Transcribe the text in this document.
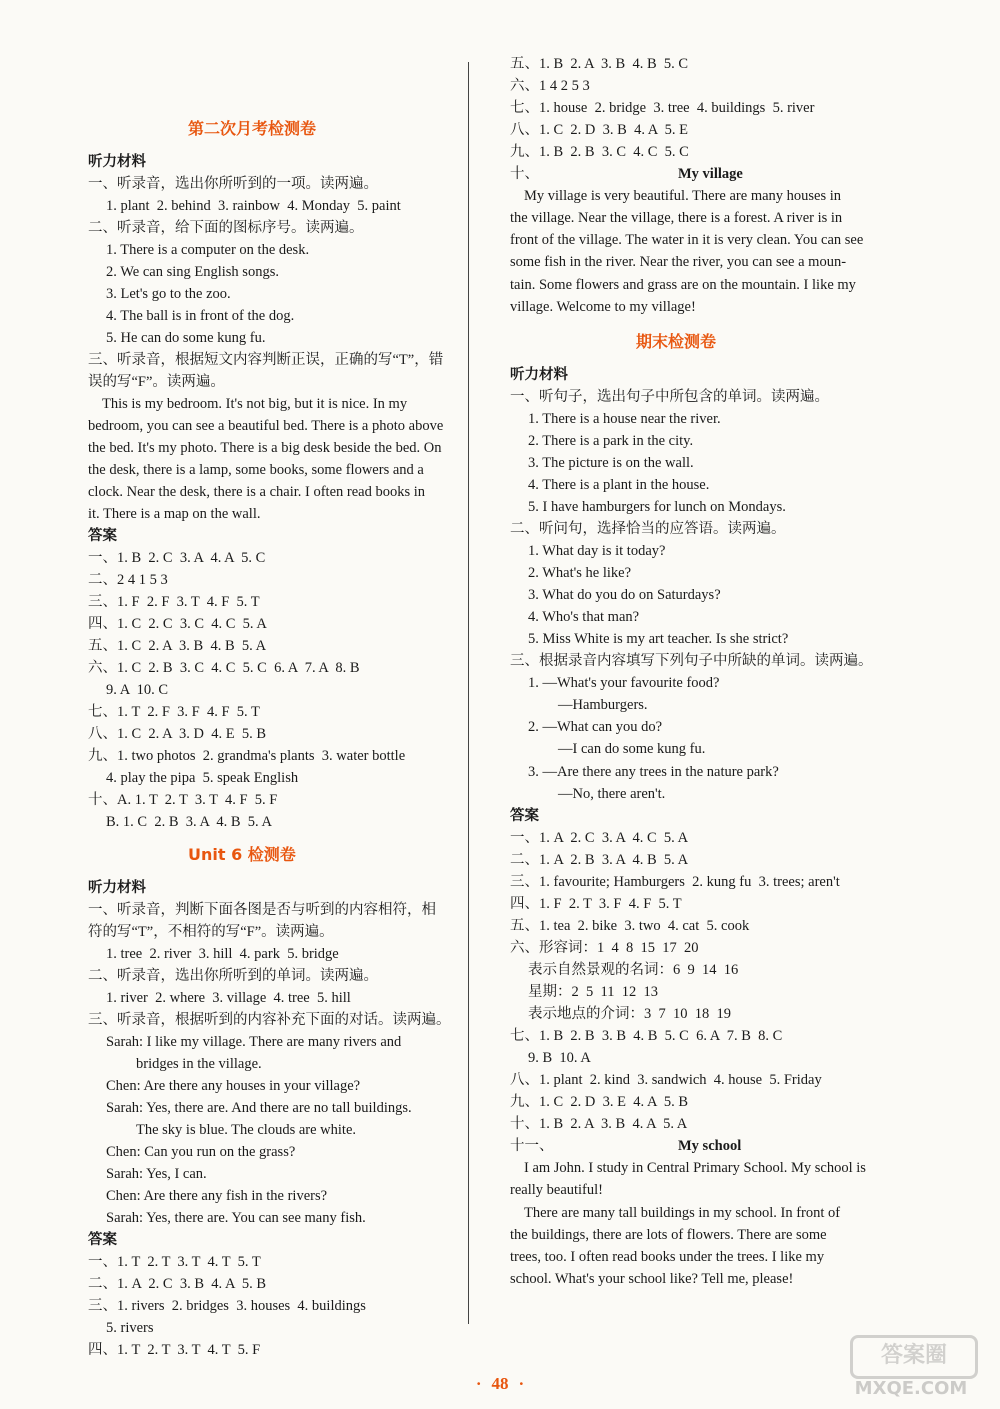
第二次月考检测卷
听力材料
一、听录音，选出你所听到的一项。读两遍。
1. plant  2. behind  3. rainbow  4. Monday  5. paint
二、听录音，给下面的图标序号。读两遍。
1. There is a computer on the desk.
2. We can sing English songs.
3. Let's go to the zoo.
4. The ball is in front of the dog.
5. He can do some kung fu.
三、听录音，根据短文内容判断正误，正确的写“T”，错
误的写“F”。读两遍。
This is my bedroom. It's not big, but it is nice. In my
bedroom, you can see a beautiful bed. There is a photo above
the bed. It's my photo. There is a big desk beside the bed. On
the desk, there is a lamp, some books, some flowers and a
clock. Near the desk, there is a chair. I often read books in
it. There is a map on the wall.
答案
一、1. B  2. C  3. A  4. A  5. C
二、2 4 1 5 3
三、1. F  2. F  3. T  4. F  5. T
四、1. C  2. C  3. C  4. C  5. A
五、1. C  2. A  3. B  4. B  5. A
六、1. C  2. B  3. C  4. C  5. C  6. A  7. A  8. B
9. A  10. C
七、1. T  2. F  3. F  4. F  5. T
八、1. C  2. A  3. D  4. E  5. B
九、1. two photos  2. grandma's plants  3. water bottle
4. play the pipa  5. speak English
十、A. 1. T  2. T  3. T  4. F  5. F
B. 1. C  2. B  3. A  4. B  5. A
Unit 6 检测卷
听力材料
一、听录音，判断下面各图是否与听到的内容相符，相
符的写“T”，不相符的写“F”。读两遍。
1. tree  2. river  3. hill  4. park  5. bridge
二、听录音，选出你所听到的单词。读两遍。
1. river  2. where  3. village  4. tree  5. hill
三、听录音，根据听到的内容补充下面的对话。读两遍。
Sarah: I like my village. There are many rivers and
bridges in the village.
Chen: Are there any houses in your village?
Sarah: Yes, there are. And there are no tall buildings.
The sky is blue. The clouds are white.
Chen: Can you run on the grass?
Sarah: Yes, I can.
Chen: Are there any fish in the rivers?
Sarah: Yes, there are. You can see many fish.
答案
一、1. T  2. T  3. T  4. T  5. T
二、1. A  2. C  3. B  4. A  5. B
三、1. rivers  2. bridges  3. houses  4. buildings
5. rivers
四、1. T  2. T  3. T  4. T  5. F
五、1. B  2. A  3. B  4. B  5. C
六、1 4 2 5 3
七、1. house  2. bridge  3. tree  4. buildings  5. river
八、1. C  2. D  3. B  4. A  5. E
九、1. B  2. B  3. C  4. C  5. C
十、	My village
My village is very beautiful. There are many houses in
the village. Near the village, there is a forest. A river is in
front of the village. The water in it is very clean. You can see
some fish in the river. Near the river, you can see a moun-
tain. Some flowers and grass are on the mountain. I like my
village. Welcome to my village!
期末检测卷
听力材料
一、听句子，选出句子中所包含的单词。读两遍。
1. There is a house near the river.
2. There is a park in the city.
3. The picture is on the wall.
4. There is a plant in the house.
5. I have hamburgers for lunch on Mondays.
二、听问句，选择恰当的应答语。读两遍。
1. What day is it today?
2. What's he like?
3. What do you do on Saturdays?
4. Who's that man?
5. Miss White is my art teacher. Is she strict?
三、根据录音内容填写下列句子中所缺的单词。读两遍。
1. —What's your favourite food?
—Hamburgers.
2. —What can you do?
—I can do some kung fu.
3. —Are there any trees in the nature park?
—No, there aren't.
答案
一、1. A  2. C  3. A  4. C  5. A
二、1. A  2. B  3. A  4. B  5. A
三、1. favourite; Hamburgers  2. kung fu  3. trees; aren't
四、1. F  2. T  3. F  4. F  5. T
五、1. tea  2. bike  3. two  4. cat  5. cook
六、形容词：1  4  8  15  17  20
表示自然景观的名词：6  9  14  16
星期：2  5  11  12  13
表示地点的介词：3  7  10  18  19
七、1. B  2. B  3. B  4. B  5. C  6. A  7. B  8. C
9. B  10. A
八、1. plant  2. kind  3. sandwich  4. house  5. Friday
九、1. C  2. D  3. E  4. A  5. B
十、1. B  2. A  3. B  4. A  5. A
十一、	My school
I am John. I study in Central Primary School. My school is
really beautiful!
There are many tall buildings in my school. In front of
the buildings, there are lots of flowers. There are some
trees, too. I often read books under the trees. I like my
school. What's your school like? Tell me, please!
· 48 ·
答案圈
MXQE.COM
